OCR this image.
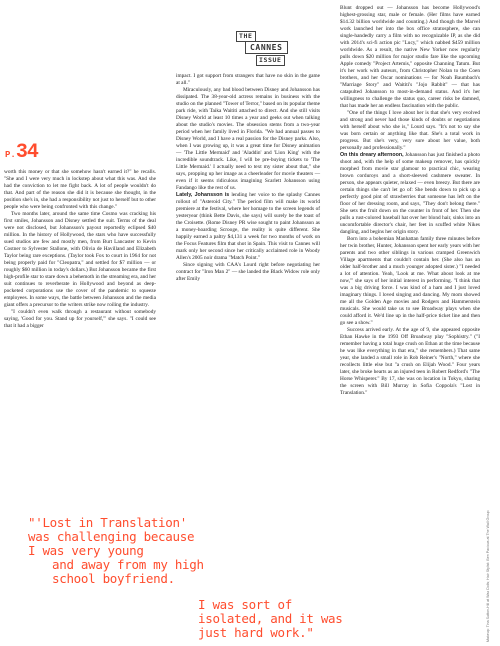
P.34
THE
CANNES
ISSUE

worth this money or that she somehow hasn't earned it?" he recalls. "She and I were very much in lockstep about what this was. And she had the conviction to let me fight back. A lot of people wouldn't do that. And part of the reason she did it is because she thought, in the position she's in, she had a responsibility not just to herself but to other people who were being confronted with this change."

Two months later, around the same time Cosmo was cracking his first smiles, Johansson and Disney settled the suit. Terms of the deal were not disclosed, but Johansson's payout reportedly eclipsed $40 million. In the history of Hollywood, the stars who have successfully sued studios are few and mostly men, from Burt Lancaster to Kevin Costner to Sylvester Stallone, with Olivia de Havilland and Elizabeth Taylor being rare exceptions. (Taylor took Fox to court in 1964 for not being properly paid for "Cleopatra," and settled for $7 million — or roughly $60 million in today's dollars.) But Johansson became the first high-profile star to stare down a behemoth in the streaming era, and her suit continues to reverberate in Hollywood and beyond as deep-pocketed corporations use the cover of the pandemic to squeeze employees. In some ways, the battle between Johansson and the media giant offers a precursor to the writers strike now roiling the industry.

"I couldn't even walk through a restaurant without somebody saying, 'Good for you. Stand up for yourself,'" she says. "I could see that it had a bigger

impact. I got support from strangers that have no skin in the game at all."

Miraculously, any bad blood between Disney and Johansson has dissipated. The 38-year-old actress remains in business with the studio on the planned "Tower of Terror," based on its popular theme park ride, with Taika Waititi attached to direct. And she still visits Disney World at least 10 times a year and geeks out when talking about the studio's movies. The obsession stems from a two-year period when her family lived in Florida. "We had annual passes to Disney World, and I have a real passion for the Disney parks. Also, when I was growing up, it was a great time for Disney animation — 'The Little Mermaid' and 'Aladdin' and 'Lion King' with the incredible soundtrack. Like, I will be pre-buying tickets to 'The Little Mermaid.' I actually need to text my sister about that," she says, propping up her image as a cheerleader for movie theaters — even if it seems ridiculous imagining Scarlett Johansson using Fandango like the rest of us.

Lately, Johansson is lending her voice to the splashy Cannes rollout of "Asteroid City." The period film will make its world premiere at the festival, where her homage to the screen legends of yesteryear (think Bette Davis, she says) will surely be the toast of the Croisette. (Rome Disney PR wise sought to paint Johansson as a money-hoarding Scrooge, the reality is quite different. She happily earned a paltry $4,131 a week for two months of work on the Focus Features film that shot in Spain. This visit to Cannes will mark only her second since her critically acclaimed role in Woody Allen's 2005 noir drama "Match Point."

Since signing with CAA's Lourd right before negotiating her contract for "Iron Man 2" — she landed the Black Widow role only after Emily

Blunt dropped out — Johansson has become Hollywood's highest-grossing star, male or female. (Her films have earned $14.32 billion worldwide and counting.) And though the Marvel work launched her into the box office stratosphere, she can single-handedly carry a film with no recognizable IP, as she did with 2014's sci-fi action pic "Lucy," which nabbed $459 million worldwide. As a result, the native New Yorker now regularly pulls down $20 million for major studio fare like the upcoming Apple comedy "Project Artemis," opposite Channing Tatum. But it's her work with auteurs, from Christopher Nolan to the Coen brothers, and her Oscar nominations — for Noah Baumbach's "Marriage Story" and Waititi's "Jojo Rabbit" — that has catapulted Johansson to most-in-demand status. And it's her willingness to challenge the status quo, career risks be damned, that has made her an endless fascination with the public.

"One of the things I love about her is that she's very evolved and strong and never had those kinds of doubts or negotiations with herself about who she is," Lourd says. "It's not to say she was born certain or anything like that. She's a total work in progress. But she's very, very sure about her value, both personally and professionally."

On this dreary afternoon, Johansson has just finished a photo shoot and, with the help of some makeup remover, has quickly morphed from movie star glamour to practical chic, wearing brown corduroys and a short-sleeved cashmere sweater. In person, she appears quieter, relaxed — even breezy. But there are certain things she can't let go of: She bends down to pick up a perfectly good pint of strawberries that someone has left on the floor of her dressing room, and says, "They don't belong there." She sets the fruit down on the counter in front of her. Then she pulls a rust-colored baseball hat over her blond hair, sinks into an uncomfortable director's chair, her feet in scuffed white Nikes dangling, and begins her origin story.

Born into a bohemian Manhattan family three minutes before her twin brother, Hunter, Johansson spent her early years with her parents and two other siblings in various cramped Greenwich Village apartments that couldn't contain her. (She also has an older half-brother and a much younger adopted sister.) "I needed a lot of attention. Yeah, 'Look at me. What about look at me now,'" she says of her initial interest in performing. "I think that was a big driving force. I was kind of a ham and I just loved imaginary things. I loved singing and dancing. My mom showed me all the Golden Age movies and Rodgers and Hammerstein musicals. She would take us to see Broadway plays when she could afford it. We'd line up in the half-price ticket line and then go see a show."

Success arrived early. At the age of 9, she appeared opposite Ethan Hawke in the 1993 Off Broadway play "Sophistry." ("I remember having a total huge crush on Ethan at the time because he was like everything in that era," she remembers.) That same year, she landed a small role in Rob Reiner's "North," where she recollects little else but "a crush on Elijah Wood." Four years later, she broke hearts as an injured teen in Robert Redford's "The Horse Whisperer." By 17, she was on location in Tokyo, sharing the screen with Bill Murray in Sofia Coppola's "Lost in Translation."

"'Lost in Translation'
was challenging because
I was very young
and away from my high
school boyfriend.
I was sort of
isolated, and it was
just hard work."	Makeup: Tina Sutton-Hill at Wax Dolls; Hair Stylist: Ben Pacious at The Wall Group
